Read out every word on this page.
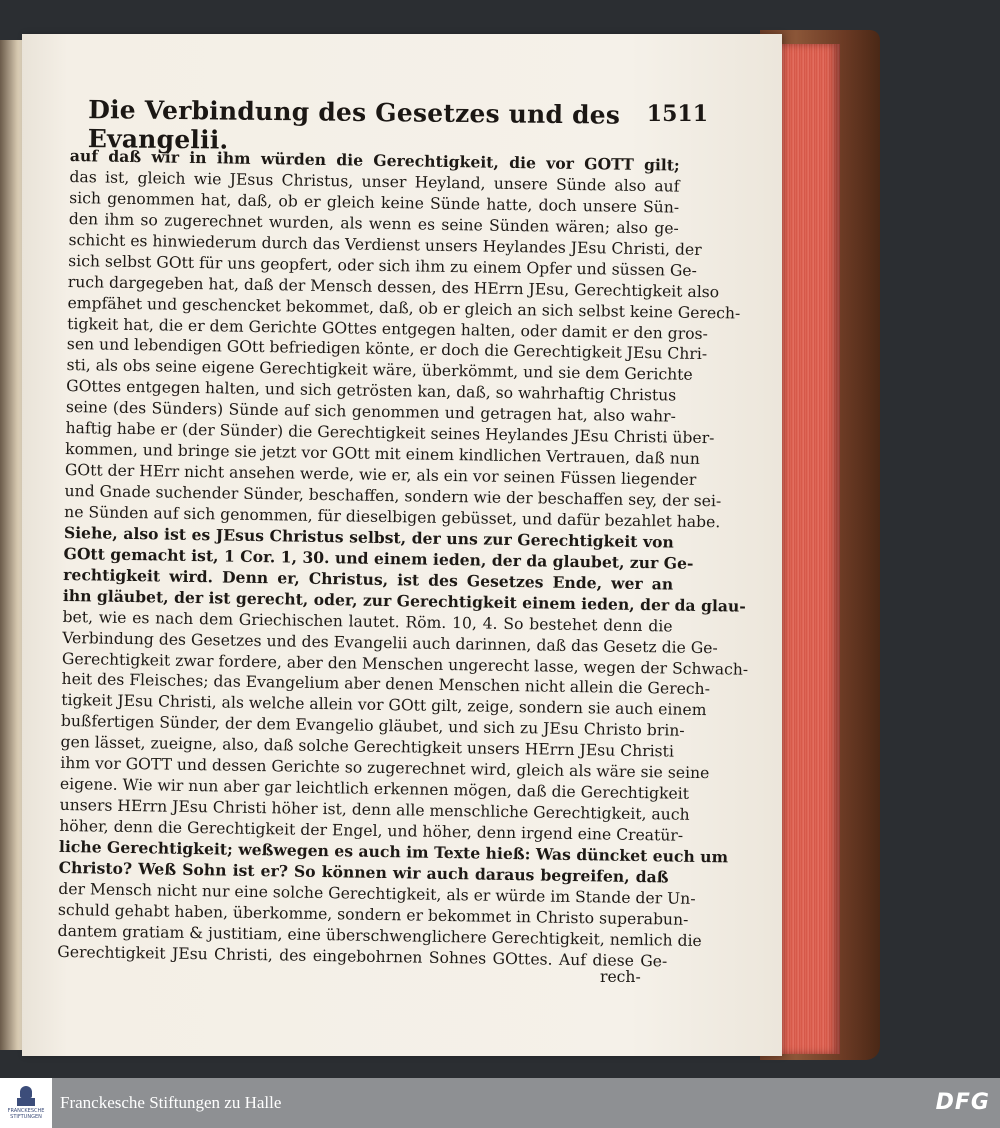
Die Verbindung des Gesetzes und des Evangelii.
1511
auf daß wir in ihm würden die Gerechtigkeit, die vor GOTT gilt;
das ist, gleich wie JEsus Christus, unser Heyland, unsere Sünde also auf
sich genommen hat, daß, ob er gleich keine Sünde hatte, doch unsere Sün-
den ihm so zugerechnet wurden, als wenn es seine Sünden wären; also ge-
schicht es hinwiederum durch das Verdienst unsers Heylandes JEsu Christi, der
sich selbst GOtt für uns geopfert, oder sich ihm zu einem Opfer und süssen Ge-
ruch dargegeben hat, daß der Mensch dessen, des HErrn JEsu, Gerechtigkeit also
empfähet und geschencket bekommet, daß, ob er gleich an sich selbst keine Gerech-
tigkeit hat, die er dem Gerichte GOttes entgegen halten, oder damit er den gros-
sen und lebendigen GOtt befriedigen könte, er doch die Gerechtigkeit JEsu Chri-
sti, als obs seine eigene Gerechtigkeit wäre, überkömmt, und sie dem Gerichte
GOttes entgegen halten, und sich getrösten kan, daß, so wahrhaftig Christus
seine (des Sünders) Sünde auf sich genommen und getragen hat, also wahr-
haftig habe er (der Sünder) die Gerechtigkeit seines Heylandes JEsu Christi über-
kommen, und bringe sie jetzt vor GOtt mit einem kindlichen Vertrauen, daß nun
GOtt der HErr nicht ansehen werde, wie er, als ein vor seinen Füssen liegender
und Gnade suchender Sünder, beschaffen, sondern wie der beschaffen sey, der sei-
ne Sünden auf sich genommen, für dieselbigen gebüsset, und dafür bezahlet habe.
Siehe, also ist es JEsus Christus selbst, der uns zur Gerechtigkeit von
GOtt gemacht ist, 1 Cor. 1, 30. und einem ieden, der da glaubet, zur Ge-
rechtigkeit wird. Denn er, Christus, ist des Gesetzes Ende, wer an
ihn gläubet, der ist gerecht, oder, zur Gerechtigkeit einem ieden, der da glau-
bet, wie es nach dem Griechischen lautet. Röm. 10, 4. So bestehet denn die
Verbindung des Gesetzes und des Evangelii auch darinnen, daß das Gesetz die Ge-
Gerechtigkeit zwar fordere, aber den Menschen ungerecht lasse, wegen der Schwach-
heit des Fleisches; das Evangelium aber denen Menschen nicht allein die Gerech-
tigkeit JEsu Christi, als welche allein vor GOtt gilt, zeige, sondern sie auch einem
bußfertigen Sünder, der dem Evangelio gläubet, und sich zu JEsu Christo brin-
gen lässet, zueigne, also, daß solche Gerechtigkeit unsers HErrn JEsu Christi
ihm vor GOTT und dessen Gerichte so zugerechnet wird, gleich als wäre sie seine
eigene. Wie wir nun aber gar leichtlich erkennen mögen, daß die Gerechtigkeit
unsers HErrn JEsu Christi höher ist, denn alle menschliche Gerechtigkeit, auch
höher, denn die Gerechtigkeit der Engel, und höher, denn irgend eine Creatür-
liche Gerechtigkeit; weßwegen es auch im Texte hieß: Was düncket euch um
Christo? Weß Sohn ist er? So können wir auch daraus begreifen, daß
der Mensch nicht nur eine solche Gerechtigkeit, als er würde im Stande der Un-
schuld gehabt haben, überkomme, sondern er bekommet in Christo superabun-
dantem gratiam & justitiam, eine überschwenglichere Gerechtigkeit, nemlich die
Gerechtigkeit JEsu Christi, des eingebohrnen Sohnes GOttes. Auf diese Ge-
rech-
FRANCKESCHE
STIFTUNGEN
Franckesche Stiftungen zu Halle	DFG
